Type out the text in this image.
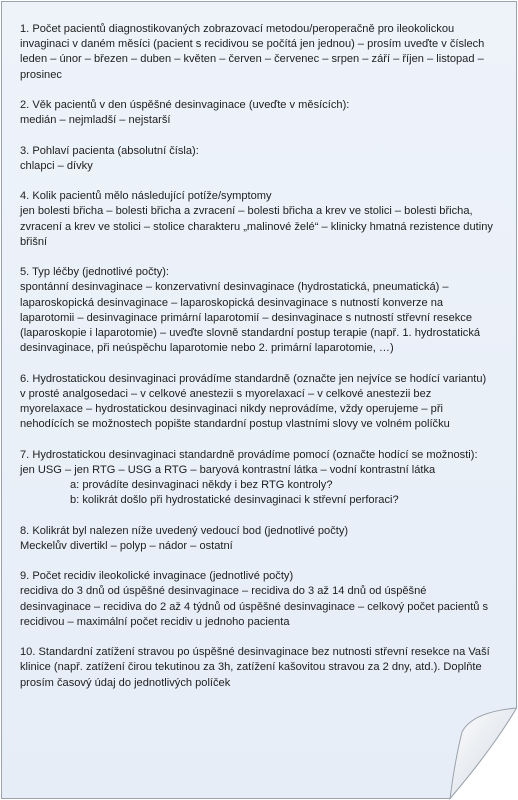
1. Počet pacientů diagnostikovaných zobrazovací metodou/peroperačně pro ileokolickou invaginaci v daném měsíci (pacient s recidivou se počítá jen jednou) – prosím uveďte v číslech

leden – únor – březen – duben – květen – červen – červenec – srpen – září – říjen – listopad – prosinec

2. Věk pacientů v den úspěšné desinvaginace (uveďte v měsících):

medián – nejmladší – nejstarší

3. Pohlaví pacienta (absolutní čísla):

chlapci – dívky

4. Kolik pacientů mělo následující potíže/symptomy

jen bolesti břicha – bolesti břicha a zvracení – bolesti břicha a krev ve stolici – bolesti břicha, zvracení a krev ve stolici – stolice charakteru „malinové želé“ – klinicky hmatná rezistence dutiny břišní

5. Typ léčby (jednotlivé počty):

spontánní desinvaginace – konzervativní desinvaginace (hydrostatická, pneumatická) – laparoskopická desinvaginace – laparoskopická desinvaginace s nutností konverze na laparotomii – desinvaginace primární laparotomií – desinvaginace s nutností střevní resekce (laparoskopie i laparotomie) – uveďte slovně standardní postup terapie (např. 1. hydrostatická desinvaginace, při neúspěchu laparotomie nebo 2. primární laparotomie, …)

6. Hydrostatickou desinvaginaci provádíme standardně (označte jen nejvíce se hodící variantu)

v prosté analgosedaci – v celkové anestezii s myorelaxací – v celkové anestezii bez myorelaxace – hydrostatickou desinvaginaci nikdy neprovádíme, vždy operujeme – při nehodících se možnostech popište standardní postup vlastními slovy ve volném políčku

7. Hydrostatickou desinvaginaci standardně provádíme pomocí (označte hodící se možnosti):

jen USG – jen RTG – USG a RTG – baryová kontrastní látka – vodní kontrastní látka

a: provádíte desinvaginaci někdy i bez RTG kontroly?

b: kolikrát došlo při hydrostatické desinvaginaci k střevní perforaci?

8. Kolikrát byl nalezen níže uvedený vedoucí bod (jednotlivé počty)

Meckelův divertikl – polyp – nádor – ostatní

9. Počet recidiv ileokolické invaginace (jednotlivé počty)

recidiva do 3 dnů od úspěšné desinvaginace – recidiva do 3 až 14 dnů od úspěšné desinvaginace – recidiva do 2 až 4 týdnů od úspěšné desinvaginace – celkový počet pacientů s recidivou – maximální počet recidiv u jednoho pacienta

10. Standardní zatížení stravou po úspěšné desinvaginace bez nutnosti střevní resekce na Vaší klinice (např. zatížení čirou tekutinou za 3h, zatížení kašovitou stravou za 2 dny, atd.). Doplňte prosím časový údaj do jednotlivých políček
